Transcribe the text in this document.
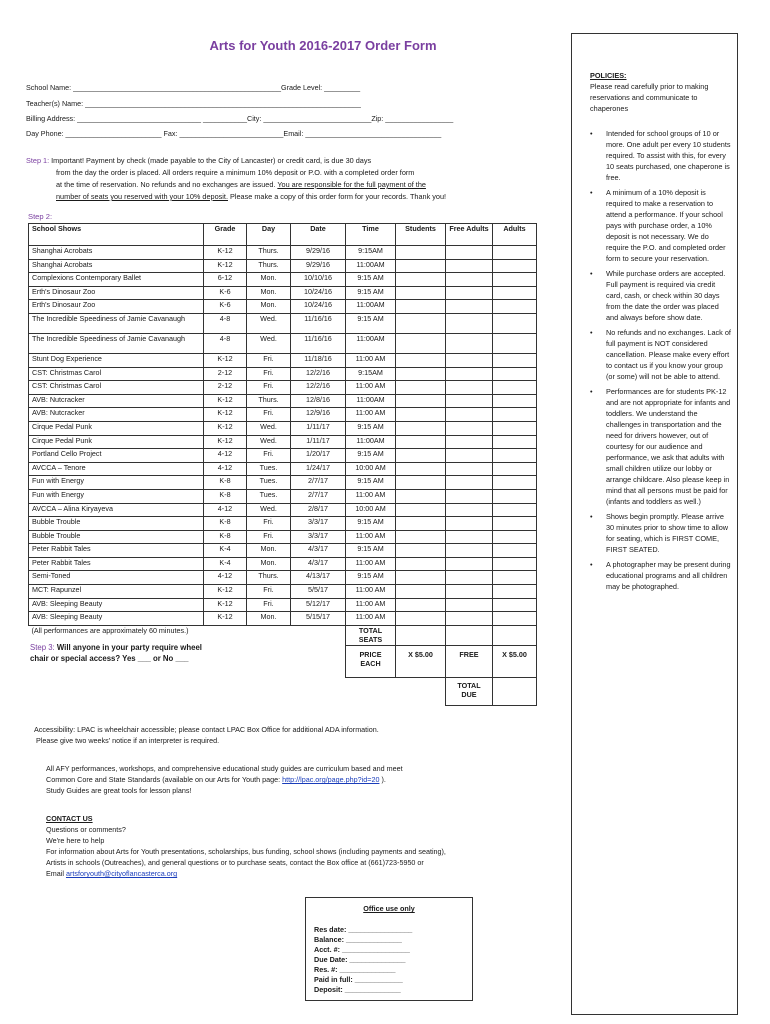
Arts for Youth 2016-2017 Order Form
School Name: ____________________________________________________Grade Level: _________
Teacher(s) Name: _____________________________________________________________________
Billing Address: _______________________________ ___________City: ___________________________Zip: _________________
Day Phone: ________________________ Fax: __________________________Email: __________________________________
Step 1: Important! Payment by check (made payable to the City of Lancaster) or credit card, is due 30 days
from the day the order is placed. All orders require a minimum 10% deposit or P.O. with a completed order form
at the time of reservation. No refunds and no exchanges are issued. You are responsible for the full payment of the
number of seats you reserved with your 10% deposit. Please make a copy of this order form for your records. Thank you!
Step 2:
School Shows	Grade	Day	Date	Time	Students	Free Adults	Adults
Shanghai Acrobats	K-12	Thurs.	9/29/16	9:15AM			
Shanghai Acrobats	K-12	Thurs.	9/29/16	11:00AM			
Complexions Contemporary Ballet	6-12	Mon.	10/10/16	9:15 AM			
Erth's Dinosaur Zoo	K-6	Mon.	10/24/16	9:15 AM			
Erth's Dinosaur Zoo	K-6	Mon.	10/24/16	11:00AM			
The Incredible Speediness of Jamie Cavanaugh	4-8	Wed.	11/16/16	9:15 AM			
The Incredible Speediness of Jamie Cavanaugh	4-8	Wed.	11/16/16	11:00AM			
Stunt Dog Experience	K-12	Fri.	11/18/16	11:00 AM			
CST: Christmas Carol	2-12	Fri.	12/2/16	9:15AM			
CST: Christmas Carol	2-12	Fri.	12/2/16	11:00 AM			
AVB: Nutcracker	K-12	Thurs.	12/8/16	11:00AM			
AVB: Nutcracker	K-12	Fri.	12/9/16	11:00 AM			
Cirque Pedal Punk	K-12	Wed.	1/11/17	9:15 AM			
Cirque Pedal Punk	K-12	Wed.	1/11/17	11:00AM			
Portland Cello Project	4-12	Fri.	1/20/17	9:15 AM			
AVCCA – Tenore	4-12	Tues.	1/24/17	10:00 AM			
Fun with Energy	K-8	Tues.	2/7/17	9:15 AM			
Fun with Energy	K-8	Tues.	2/7/17	11:00 AM			
AVCCA – Alina Kiryayeva	4-12	Wed.	2/8/17	10:00 AM			
Bubble Trouble	K-8	Fri.	3/3/17	9:15 AM			
Bubble Trouble	K-8	Fri.	3/3/17	11:00 AM			
Peter Rabbit Tales	K-4	Mon.	4/3/17	9:15 AM			
Peter Rabbit Tales	K-4	Mon.	4/3/17	11:00 AM			
Semi-Toned	4-12	Thurs.	4/13/17	9:15 AM			
MCT: Rapunzel	K-12	Fri.	5/5/17	11:00 AM			
AVB: Sleeping Beauty	K-12	Fri.	5/12/17	11:00 AM			
AVB: Sleeping Beauty	K-12	Mon.	5/15/17	11:00 AM			
(All performances are approximately 60 minutes.)				TOTAL SEATS			
				PRICE EACH	X $5.00	FREE	X $5.00
						TOTAL DUE	
Step 3: Will anyone in your party require wheel chair or special access? Yes ___ or No ___
Accessibility: LPAC is wheelchair accessible; please contact LPAC Box Office for additional ADA information.
Please give two weeks' notice if an interpreter is required.
All AFY performances, workshops, and comprehensive educational study guides are curriculum based and meet
Common Core and State Standards (available on our Arts for Youth page: http://lpac.org/page.php?id=20 ).
Study Guides are great tools for lesson plans!
CONTACT US
Questions or comments?
We're here to help
For information about Arts for Youth presentations, scholarships, bus funding, school shows (including payments and seating),
Artists in schools (Outreaches), and general questions or to purchase seats, contact the Box office at (661)723-5950 or
Email artsforyouth@cityoflancasterca.org
Office use only
Res date: ________________
Balance: ______________
Acct. #: _________________
Due Date: ______________
Res. #: ______________
Paid in full: ____________
Deposit: ______________
POLICIES:
Please read carefully prior to making reservations and communicate to chaperones
• Intended for school groups of 10 or more. One adult per every 10 students required. To assist with this, for every 10 seats purchased, one chaperone is free.
• A minimum of a 10% deposit is required to make a reservation to attend a performance. If your school pays with purchase order, a 10% deposit is not necessary. We do require the P.O. and completed order form to secure your reservation.
• While purchase orders are accepted. Full payment is required via credit card, cash, or check within 30 days from the date the order was placed and always before show date.
• No refunds and no exchanges. Lack of full payment is NOT considered cancellation. Please make every effort to contact us if you know your group (or some) will not be able to attend.
• Performances are for students PK-12 and are not appropriate for infants and toddlers. We understand the challenges in transportation and the need for drivers however, out of courtesy for our audience and performance, we ask that adults with small children utilize our lobby or arrange childcare. Also please keep in mind that all persons must be paid for (infants and toddlers as well.)
• Shows begin promptly. Please arrive 30 minutes prior to show time to allow for seating, which is FIRST COME, FIRST SEATED.
• A photographer may be present during educational programs and all children may be photographed.
